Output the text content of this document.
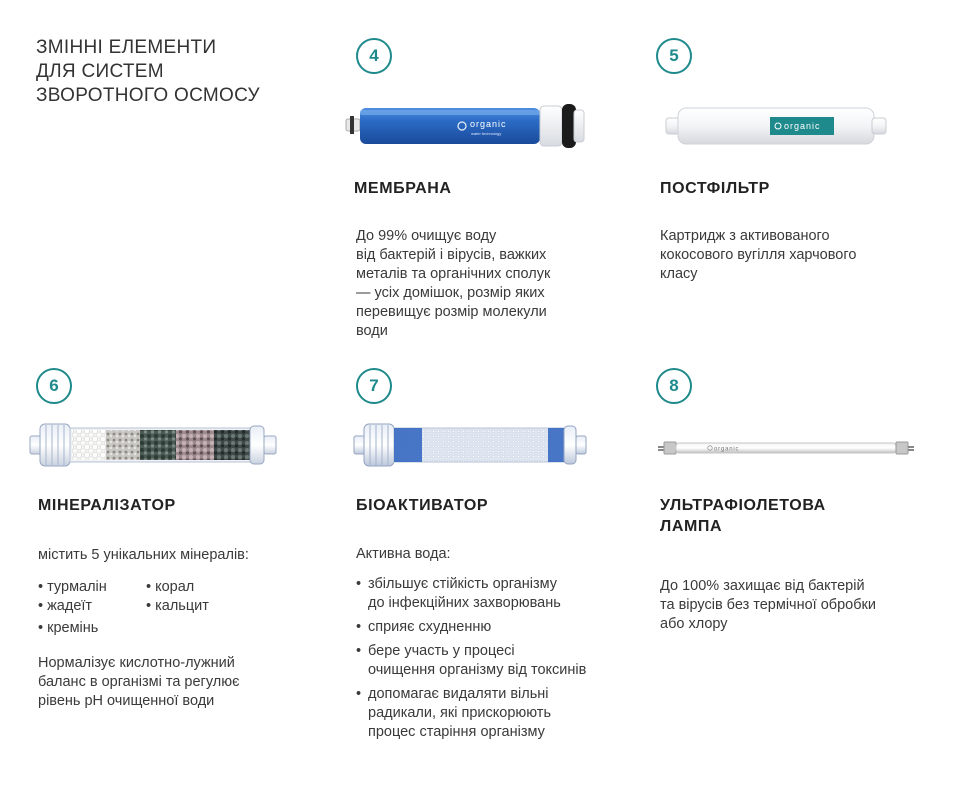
ЗМІННІ ЕЛЕМЕНТИ
ДЛЯ СИСТЕМ
ЗВОРОТНОГО ОСМОСУ
4
organic
water technology
МЕМБРАНА
До 99% очищує воду
від бактерій і вірусів, важких
металів та органічних сполук
— усіх домішок, розмір яких
перевищує розмір молекули
води
5
organic
ПОСТФІЛЬТР
Картридж з активованого
кокосового вугілля харчового
класу
6
МІНЕРАЛІЗАТОР
містить 5 унікальних мінералів:
• турмалін	• корал
• жадеїт	• кальцит
• кремінь
Нормалізує кислотно-лужний
баланс в організмі та регулює
рівень pH очищенної води
7
БІОАКТИВАТОР
Активна вода:
• збільшує стійкість організму
до інфекційних захворювань
• сприяє схудненню
• бере участь у процесі
очищення організму від токсинів
• допомагає видаляти вільні
радикали, які прискорюють
процес старіння організму
8
organic
УЛЬТРАФІОЛЕТОВА
ЛАМПА
До 100% захищає від бактерій
та вірусів без термічної обробки
або хлору
